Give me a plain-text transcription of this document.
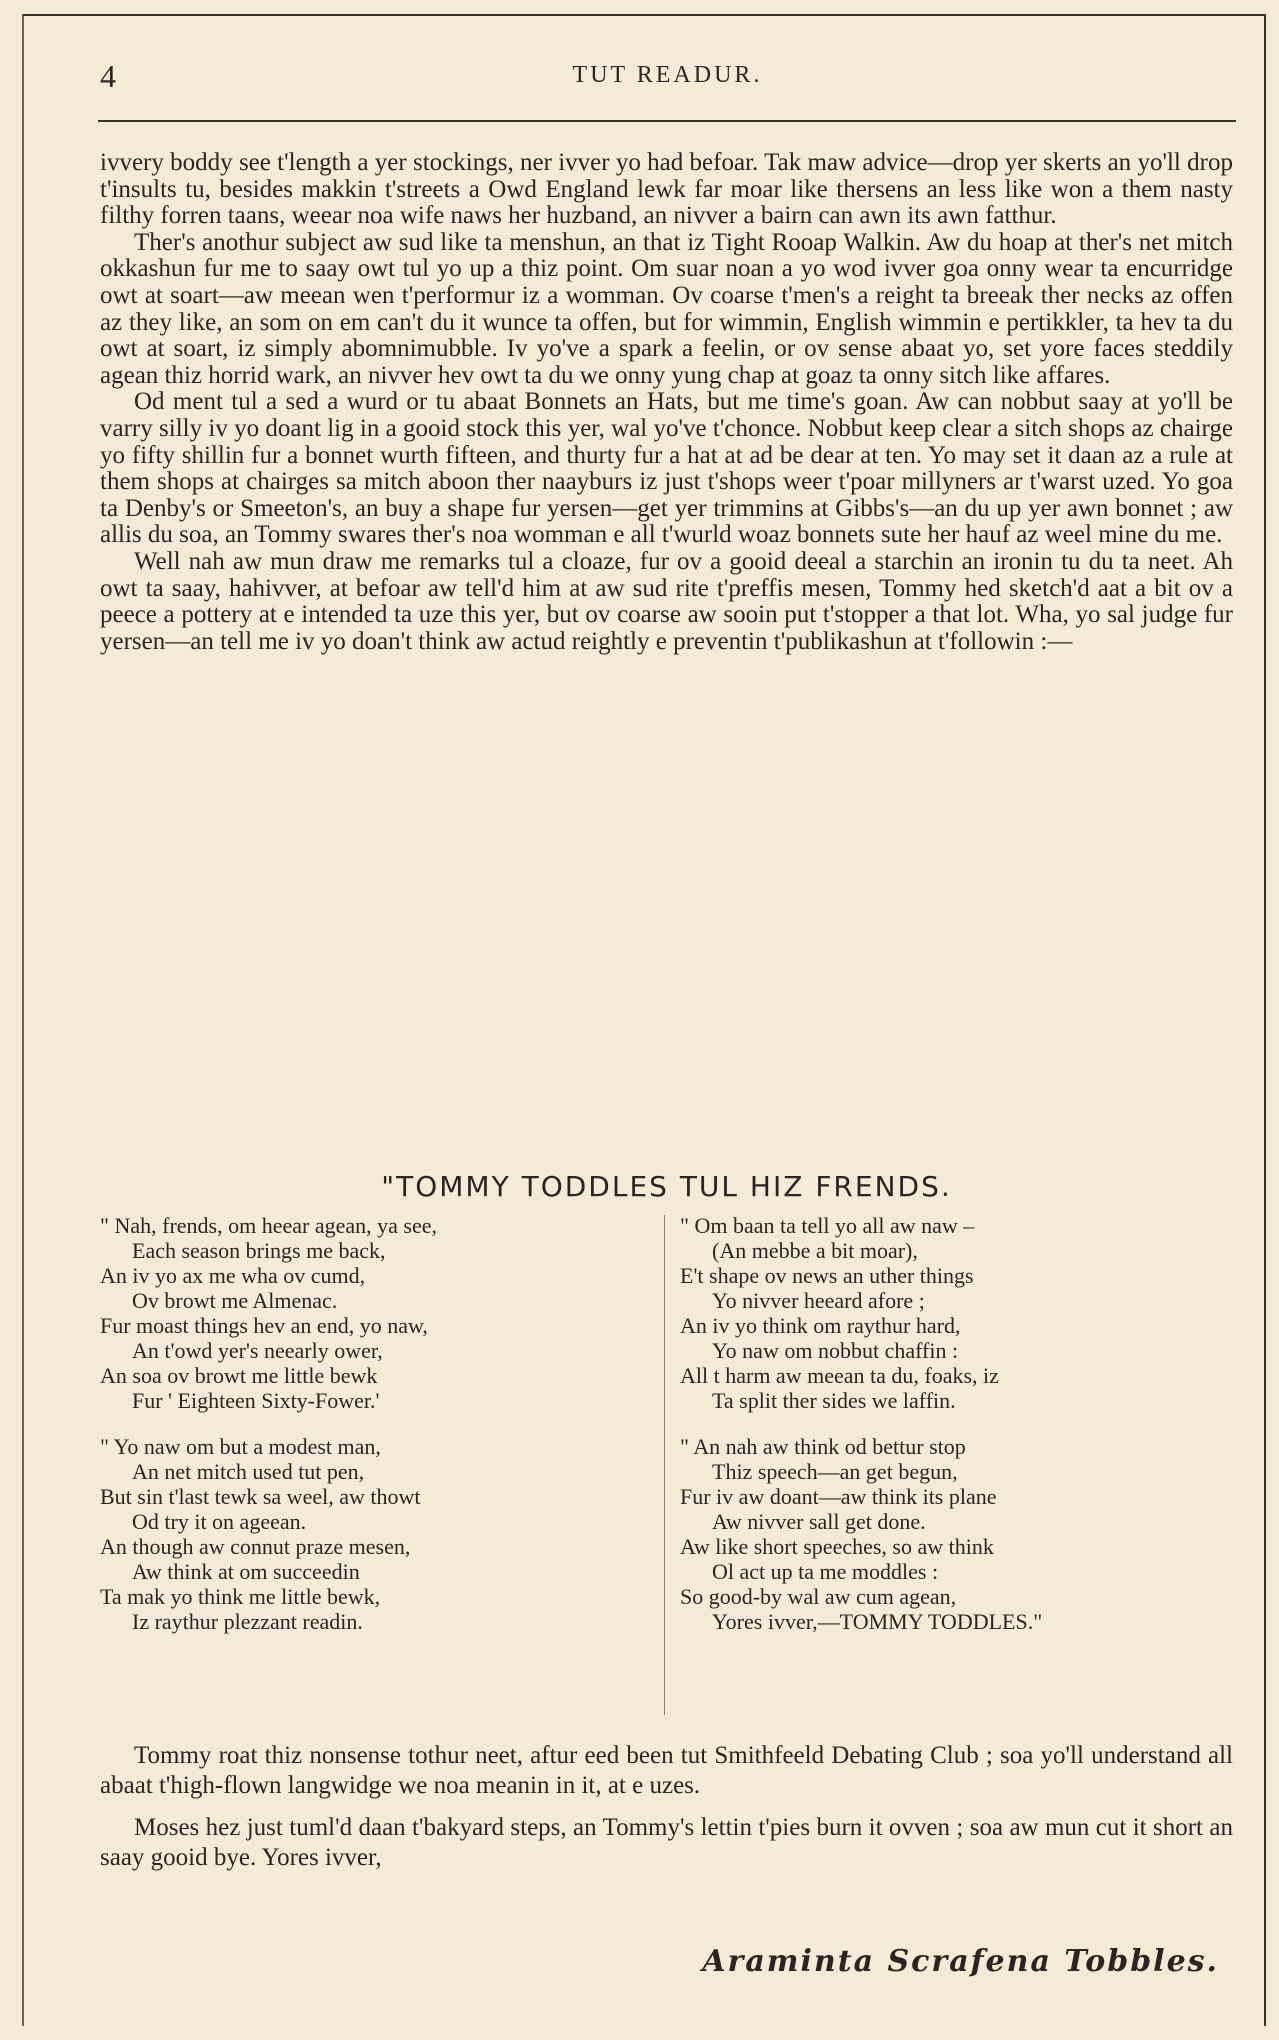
4	TUT READUR.

ivvery boddy see t'length a yer stockings, ner ivver yo had befoar. Tak maw advice—drop yer skerts an yo'll drop t'insults tu, besides makkin t'streets a Owd England lewk far moar like thersens an less like won a them nasty filthy forren taans, weear noa wife naws her huzband, an nivver a bairn can awn its awn fatthur.

Ther's anothur subject aw sud like ta menshun, an that iz Tight Rooap Walkin. Aw du hoap at ther's net mitch okkashun fur me to saay owt tul yo up a thiz point. Om suar noan a yo wod ivver goa onny wear ta encurridge owt at soart—aw meean wen t'performur iz a womman. Ov coarse t'men's a reight ta breeak ther necks az offen az they like, an som on em can't du it wunce ta offen, but for wimmin, English wimmin e pertikkler, ta hev ta du owt at soart, iz simply abomnimubble. Iv yo've a spark a feelin, or ov sense abaat yo, set yore faces steddily agean thiz horrid wark, an nivver hev owt ta du we onny yung chap at goaz ta onny sitch like affares.

Od ment tul a sed a wurd or tu abaat Bonnets an Hats, but me time's goan. Aw can nobbut saay at yo'll be varry silly iv yo doant lig in a gooid stock this yer, wal yo've t'chonce. Nobbut keep clear a sitch shops az chairge yo fifty shillin fur a bonnet wurth fifteen, and thurty fur a hat at ad be dear at ten. Yo may set it daan az a rule at them shops at chairges sa mitch aboon ther naayburs iz just t'shops weer t'poar millyners ar t'warst uzed. Yo goa ta Denby's or Smeeton's, an buy a shape fur yersen—get yer trimmins at Gibbs's—an du up yer awn bonnet ; aw allis du soa, an Tommy swares ther's noa womman e all t'wurld woaz bonnets sute her hauf az weel mine du me.

Well nah aw mun draw me remarks tul a cloaze, fur ov a gooid deeal a starchin an ironin tu du ta neet. Ah owt ta saay, hahivver, at befoar aw tell'd him at aw sud rite t'preffis mesen, Tommy hed sketch'd aat a bit ov a peece a pottery at e intended ta uze this yer, but ov coarse aw sooin put t'stopper a that lot. Wha, yo sal judge fur yersen—an tell me iv yo doan't think aw actud reightly e preventin t'publikashun at t'followin :—

"TOMMY TODDLES TUL HIZ FRENDS.
" Nah, frends, om heear agean, ya see,
Each season brings me back,
An iv yo ax me wha ov cumd,
Ov browt me Almenac.
Fur moast things hev an end, yo naw,
An t'owd yer's neearly ower,
An soa ov browt me little bewk
Fur ' Eighteen Sixty-Fower.'
" Yo naw om but a modest man,
An net mitch used tut pen,
But sin t'last tewk sa weel, aw thowt
Od try it on ageean.
An though aw connut praze mesen,
Aw think at om succeedin
Ta mak yo think me little bewk,
Iz raythur plezzant readin.
" Om baan ta tell yo all aw naw –
(An mebbe a bit moar),
E't shape ov news an uther things
Yo nivver heeard afore ;
An iv yo think om raythur hard,
Yo naw om nobbut chaffin :
All t harm aw meean ta du, foaks, iz
Ta split ther sides we laffin.
" An nah aw think od bettur stop
Thiz speech—an get begun,
Fur iv aw doant—aw think its plane
Aw nivver sall get done.
Aw like short speeches, so aw think
Ol act up ta me moddles :
So good-by wal aw cum agean,
Yores ivver,—TOMMY TODDLES."

Tommy roat thiz nonsense tothur neet, aftur eed been tut Smithfeeld Debating Club ; soa yo'll understand all abaat t'high-flown langwidge we noa meanin in it, at e uzes.

Moses hez just tuml'd daan t'bakyard steps, an Tommy's lettin t'pies burn it ovven ; soa aw mun cut it short an saay gooid bye. Yores ivver,

Araminta Scrafena Tobbles.
